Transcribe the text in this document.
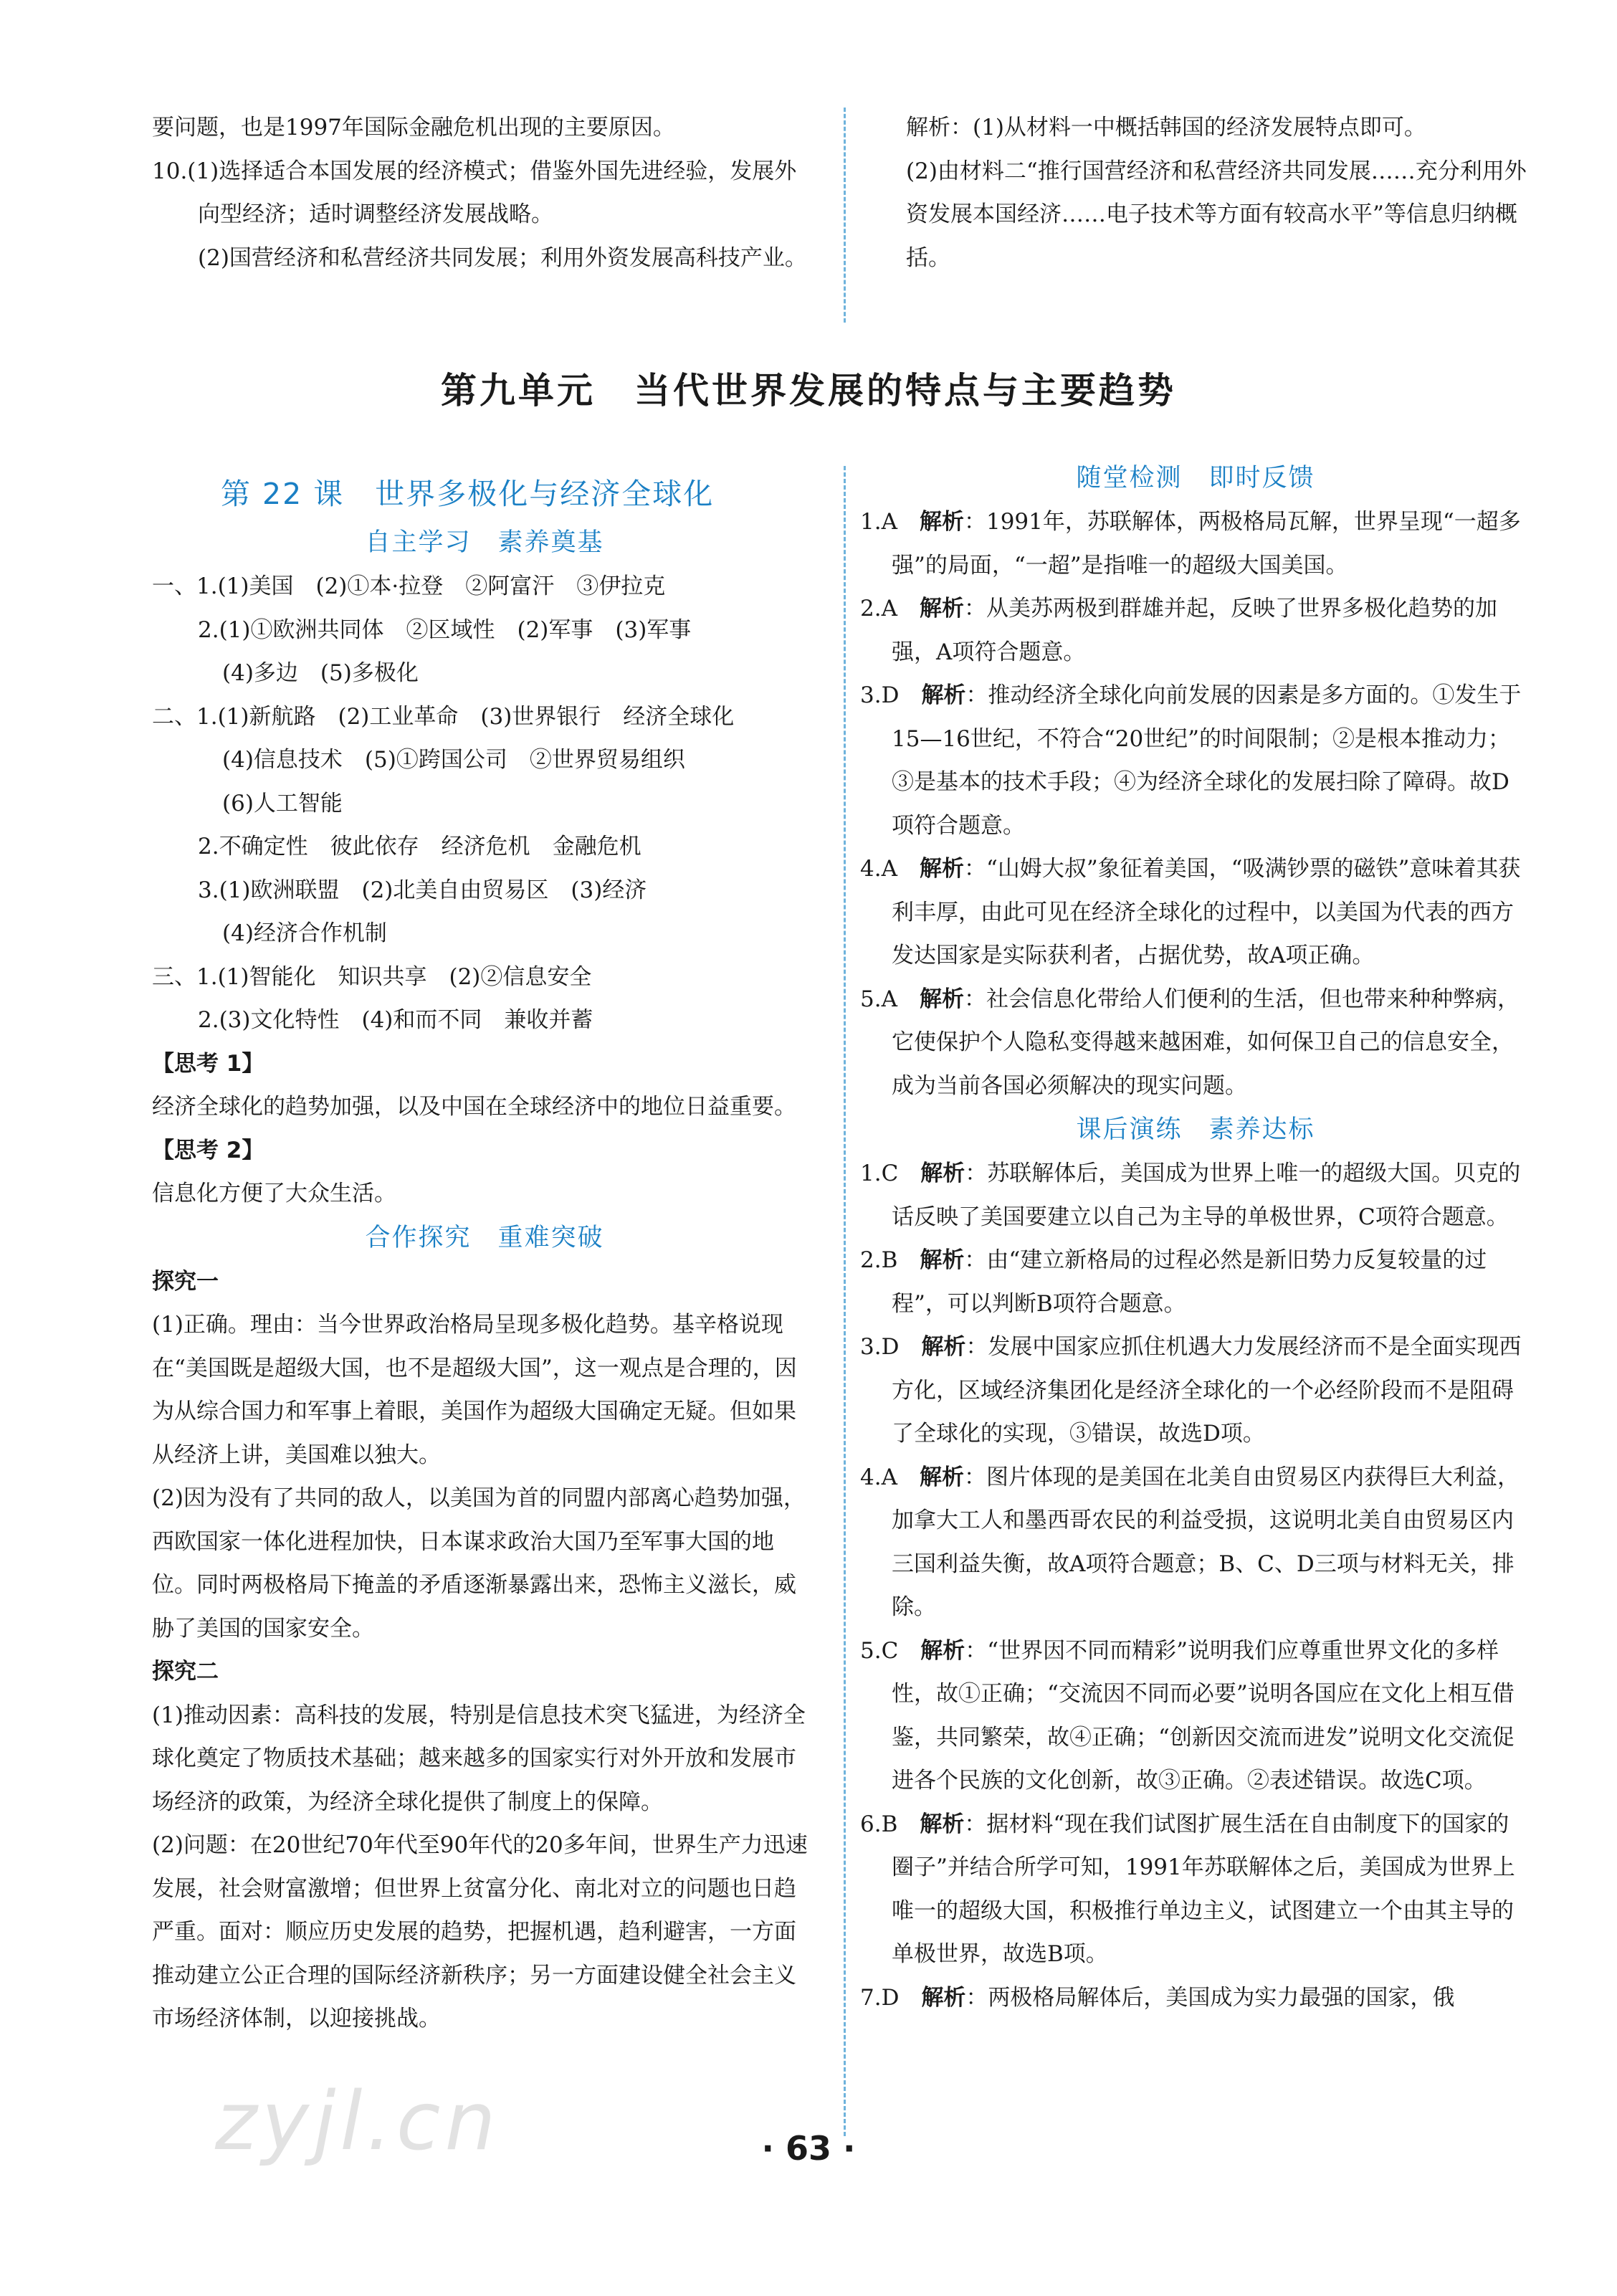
要问题，也是1997年国际金融危机出现的主要原因。

10.(1)选择适合本国发展的经济模式；借鉴外国先进经验，发展外向型经济；适时调整经济发展战略。

(2)国营经济和私营经济共同发展；利用外资发展高科技产业。

解析：(1)从材料一中概括韩国的经济发展特点即可。

(2)由材料二“推行国营经济和私营经济共同发展……充分利用外资发展本国经济……电子技术等方面有较高水平”等信息归纳概括。

第九单元　当代世界发展的特点与主要趋势

第 22 课　世界多极化与经济全球化

自主学习　素养奠基

一、1.(1)美国　(2)①本·拉登　②阿富汗　③伊拉克

2.(1)①欧洲共同体　②区域性　(2)军事　(3)军事

(4)多边　(5)多极化

二、1.(1)新航路　(2)工业革命　(3)世界银行　经济全球化

(4)信息技术　(5)①跨国公司　②世界贸易组织

(6)人工智能

2.不确定性　彼此依存　经济危机　金融危机

3.(1)欧洲联盟　(2)北美自由贸易区　(3)经济

(4)经济合作机制

三、1.(1)智能化　知识共享　(2)②信息安全

2.(3)文化特性　(4)和而不同　兼收并蓄

【思考 1】

经济全球化的趋势加强，以及中国在全球经济中的地位日益重要。

【思考 2】

信息化方便了大众生活。

合作探究　重难突破

探究一

(1)正确。理由：当今世界政治格局呈现多极化趋势。基辛格说现在“美国既是超级大国，也不是超级大国”，这一观点是合理的，因为从综合国力和军事上着眼，美国作为超级大国确定无疑。但如果从经济上讲，美国难以独大。

(2)因为没有了共同的敌人，以美国为首的同盟内部离心趋势加强，西欧国家一体化进程加快，日本谋求政治大国乃至军事大国的地位。同时两极格局下掩盖的矛盾逐渐暴露出来，恐怖主义滋长，威胁了美国的国家安全。

探究二

(1)推动因素：高科技的发展，特别是信息技术突飞猛进，为经济全球化奠定了物质技术基础；越来越多的国家实行对外开放和发展市场经济的政策，为经济全球化提供了制度上的保障。

(2)问题：在20世纪70年代至90年代的20多年间，世界生产力迅速发展，社会财富激增；但世界上贫富分化、南北对立的问题也日趋严重。面对：顺应历史发展的趋势，把握机遇，趋利避害，一方面推动建立公正合理的国际经济新秩序；另一方面建设健全社会主义市场经济体制，以迎接挑战。

随堂检测　即时反馈

1.A　 解析：1991年，苏联解体，两极格局瓦解，世界呈现“一超多强”的局面，“一超”是指唯一的超级大国美国。

2.A　 解析：从美苏两极到群雄并起，反映了世界多极化趋势的加强，A项符合题意。

3.D　 解析：推动经济全球化向前发展的因素是多方面的。①发生于15—16世纪，不符合“20世纪”的时间限制；②是根本推动力；③是基本的技术手段；④为经济全球化的发展扫除了障碍。故D项符合题意。

4.A　 解析：“山姆大叔”象征着美国，“吸满钞票的磁铁”意味着其获利丰厚，由此可见在经济全球化的过程中，以美国为代表的西方发达国家是实际获利者，占据优势，故A项正确。

5.A　 解析：社会信息化带给人们便利的生活，但也带来种种弊病，它使保护个人隐私变得越来越困难，如何保卫自己的信息安全，成为当前各国必须解决的现实问题。

课后演练　素养达标

1.C　 解析：苏联解体后，美国成为世界上唯一的超级大国。贝克的话反映了美国要建立以自己为主导的单极世界，C项符合题意。

2.B　 解析：由“建立新格局的过程必然是新旧势力反复较量的过程”，可以判断B项符合题意。

3.D　 解析：发展中国家应抓住机遇大力发展经济而不是全面实现西方化，区域经济集团化是经济全球化的一个必经阶段而不是阻碍了全球化的实现，③错误，故选D项。

4.A　 解析：图片体现的是美国在北美自由贸易区内获得巨大利益，加拿大工人和墨西哥农民的利益受损，这说明北美自由贸易区内三国利益失衡，故A项符合题意；B、C、D三项与材料无关，排除。

5.C　 解析：“世界因不同而精彩”说明我们应尊重世界文化的多样性，故①正确；“交流因不同而必要”说明各国应在文化上相互借鉴，共同繁荣，故④正确；“创新因交流而进发”说明文化交流促进各个民族的文化创新，故③正确。②表述错误。故选C项。

6.B　 解析：据材料“现在我们试图扩展生活在自由制度下的国家的圈子”并结合所学可知，1991年苏联解体之后，美国成为世界上唯一的超级大国，积极推行单边主义，试图建立一个由其主导的单极世界，故选B项。

7.D　 解析：两极格局解体后，美国成为实力最强的国家，俄

zyjl.cn	· 63 ·
